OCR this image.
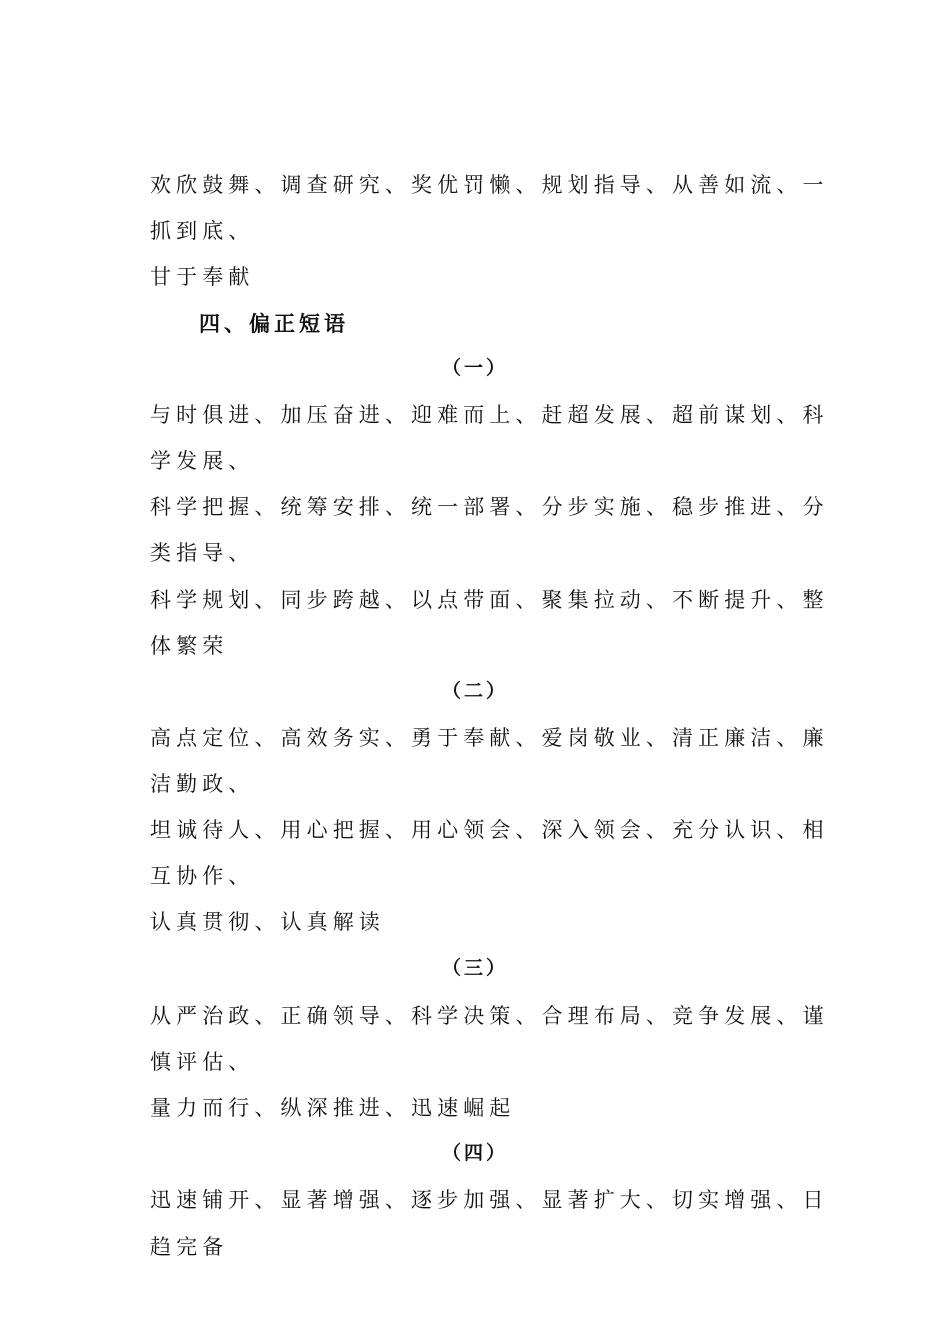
欢欣鼓舞、调查研究、奖优罚懒、规划指导、从善如流、一
抓到底、
甘于奉献
四、偏正短语
（一）
与时俱进、加压奋进、迎难而上、赶超发展、超前谋划、科
学发展、
科学把握、统筹安排、统一部署、分步实施、稳步推进、分
类指导、
科学规划、同步跨越、以点带面、聚集拉动、不断提升、整
体繁荣
（二）
高点定位、高效务实、勇于奉献、爱岗敬业、清正廉洁、廉
洁勤政、
坦诚待人、用心把握、用心领会、深入领会、充分认识、相
互协作、
认真贯彻、认真解读
（三）
从严治政、正确领导、科学决策、合理布局、竞争发展、谨
慎评估、
量力而行、纵深推进、迅速崛起
（四）
迅速铺开、显著增强、逐步加强、显著扩大、切实增强、日
趋完备
